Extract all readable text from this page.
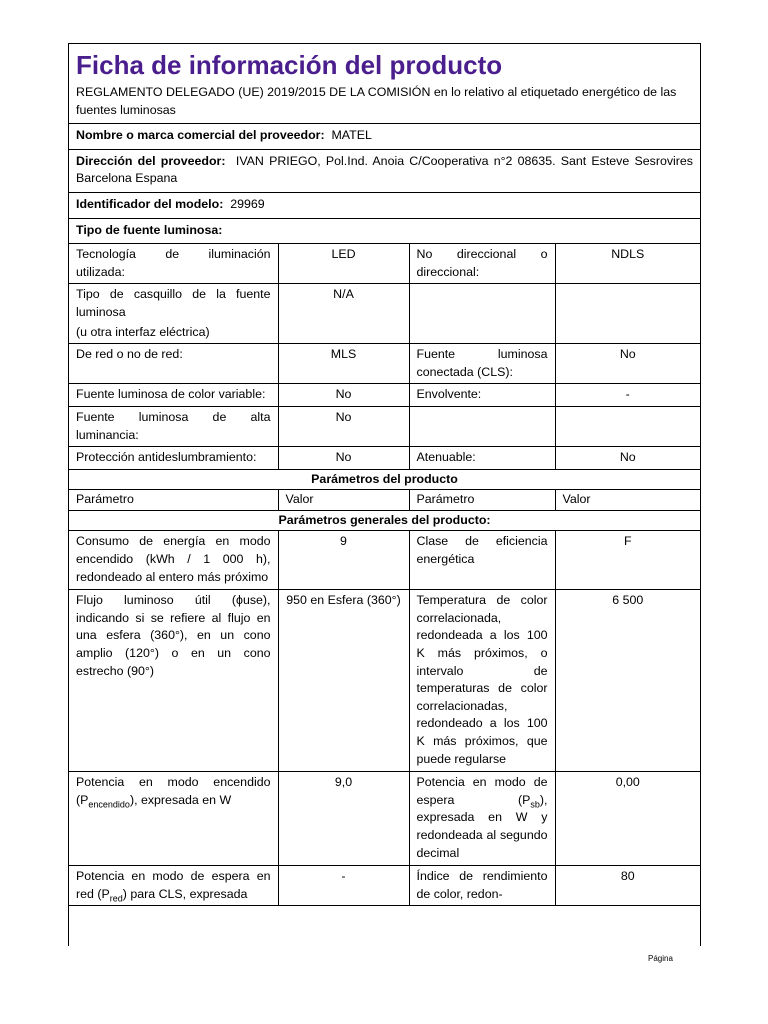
Ficha de información del producto
REGLAMENTO DELEGADO (UE) 2019/2015 DE LA COMISIÓN en lo relativo al etiquetado energético de las fuentes luminosas			

Nombre o marca comercial del proveedor: MATEL			
Dirección del proveedor: IVAN PRIEGO, Pol.Ind. Anoia C/Cooperativa n°2 08635. Sant Esteve Sesrovires Barcelona Espana			
Identificador del modelo: 29969			
Tipo de fuente luminosa:			
Tecnología de iluminación utilizada:	LED	No direccional o direccional:	NDLS

Tipo de casquillo de la fuente luminosa
(u otra interfaz eléctrica)	N/A		
De red o no de red:	MLS	Fuente luminosa conectada (CLS):	No
Fuente luminosa de color variable:	No	Envolvente:	-
Fuente luminosa de alta luminancia:	No		
Protección antideslumbramiento:	No	Atenuable:	No
Parámetros del producto			
Parámetro	Valor	Parámetro	Valor
Parámetros generales del producto:			
Consumo de energía en modo encendido (kWh / 1 000 h), redondeado al entero más próximo	9	Clase de eficiencia energética	F
Flujo luminoso útil (ϕuse), indicando si se refiere al flujo en una esfera (360°), en un cono amplio (120°) o en un cono estrecho (90°)	950 en Esfera (360°)	Temperatura de color correlacionada, redondeada a los 100 K más próximos, o intervalo de temperaturas de color correlacionadas, redondeado a los 100 K más próximos, que puede regularse	6 500
Potencia en modo encendido $(P_{encendido})$, expresada en W	9,0	Potencia en modo de espera $(P_{sb})$, expresada en W y redondeada al segundo decimal	0,00
Potencia en modo de espera en red $(P_{red})$ para CLS, expresada	-	Índice de rendimiento de color, redon-	80
Página
